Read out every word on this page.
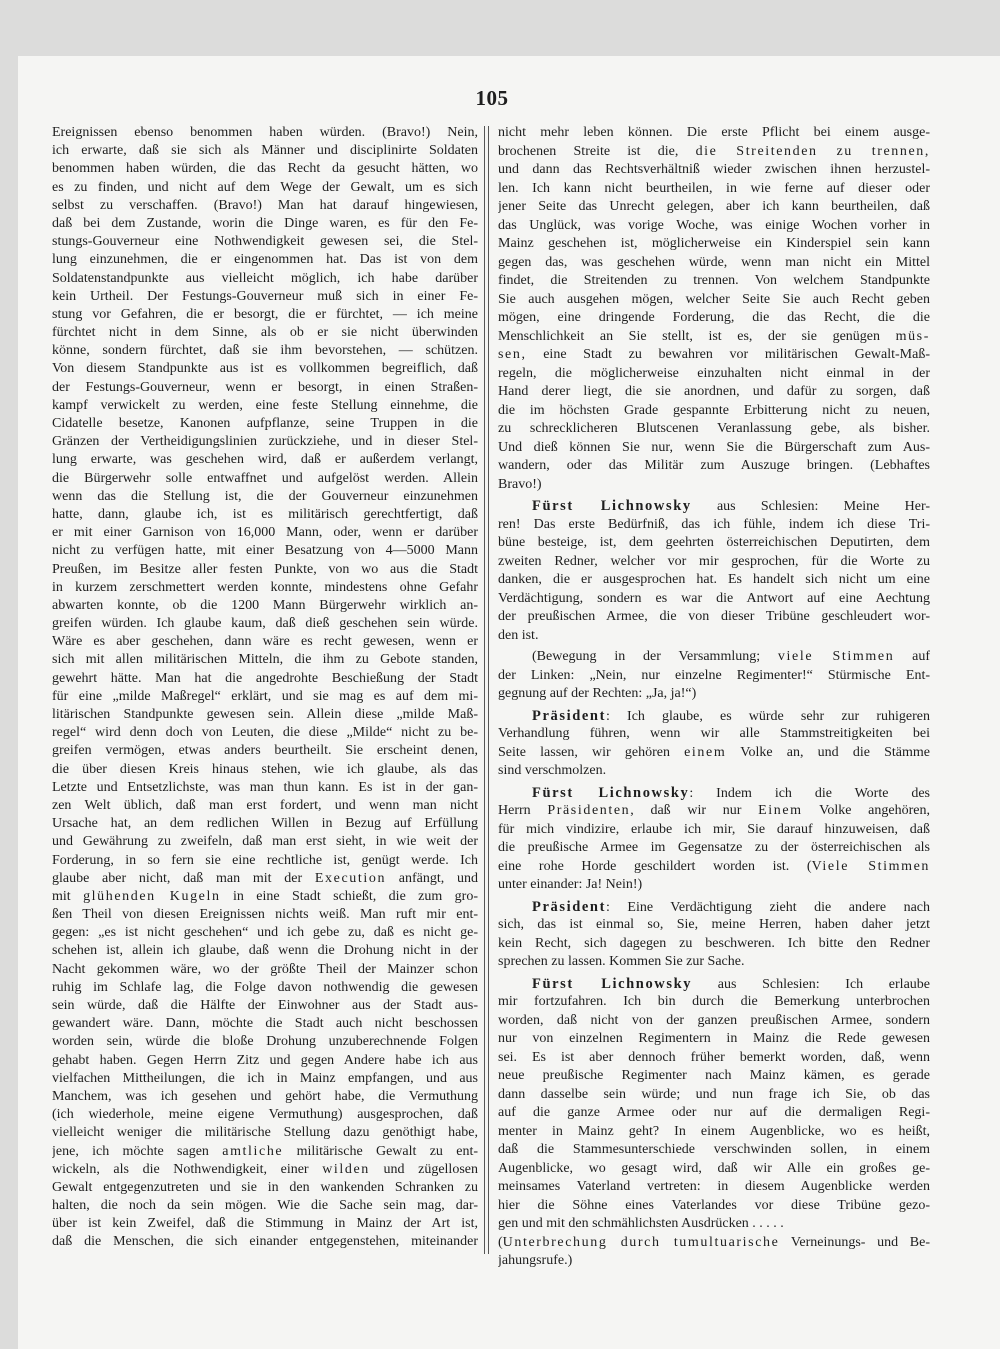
105
Ereignissen ebenso benommen haben würden. (Bravo!) Nein,
ich erwarte, daß sie sich als Männer und disciplinirte Soldaten
benommen haben würden, die das Recht da gesucht hätten, wo
es zu finden, und nicht auf dem Wege der Gewalt, um es sich
selbst zu verschaffen. (Bravo!) Man hat darauf hingewiesen,
daß bei dem Zustande, worin die Dinge waren, es für den Fe-
stungs-Gouverneur eine Nothwendigkeit gewesen sei, die Stel-
lung einzunehmen, die er eingenommen hat. Das ist von dem
Soldatenstandpunkte aus vielleicht möglich, ich habe darüber
kein Urtheil. Der Festungs-Gouverneur muß sich in einer Fe-
stung vor Gefahren, die er besorgt, die er fürchtet, — ich meine
fürchtet nicht in dem Sinne, als ob er sie nicht überwinden
könne, sondern fürchtet, daß sie ihm bevorstehen, — schützen.
Von diesem Standpunkte aus ist es vollkommen begreiflich, daß
der Festungs-Gouverneur, wenn er besorgt, in einen Straßen-
kampf verwickelt zu werden, eine feste Stellung einnehme, die
Cidatelle besetze, Kanonen aufpflanze, seine Truppen in die
Gränzen der Vertheidigungslinien zurückziehe, und in dieser Stel-
lung erwarte, was geschehen wird, daß er außerdem verlangt,
die Bürgerwehr solle entwaffnet und aufgelöst werden. Allein
wenn das die Stellung ist, die der Gouverneur einzunehmen
hatte, dann, glaube ich, ist es militärisch gerechtfertigt, daß
er mit einer Garnison von 16,000 Mann, oder, wenn er darüber
nicht zu verfügen hatte, mit einer Besatzung von 4—5000 Mann
Preußen, im Besitze aller festen Punkte, von wo aus die Stadt
in kurzem zerschmettert werden konnte, mindestens ohne Gefahr
abwarten konnte, ob die 1200 Mann Bürgerwehr wirklich an-
greifen würden. Ich glaube kaum, daß dieß geschehen sein würde.
Wäre es aber geschehen, dann wäre es recht gewesen, wenn er
sich mit allen militärischen Mitteln, die ihm zu Gebote standen,
gewehrt hätte. Man hat die angedrohte Beschießung der Stadt
für eine „milde Maßregel“ erklärt, und sie mag es auf dem mi-
litärischen Standpunkte gewesen sein. Allein diese „milde Maß-
regel“ wird denn doch von Leuten, die diese „Milde“ nicht zu be-
greifen vermögen, etwas anders beurtheilt. Sie erscheint denen,
die über diesen Kreis hinaus stehen, wie ich glaube, als das
Letzte und Entsetzlichste, was man thun kann. Es ist in der gan-
zen Welt üblich, daß man erst fordert, und wenn man nicht
Ursache hat, an dem redlichen Willen in Bezug auf Erfüllung
und Gewährung zu zweifeln, daß man erst sieht, in wie weit der
Forderung, in so fern sie eine rechtliche ist, genügt werde. Ich
glaube aber nicht, daß man mit der Execution anfängt, und
mit glühenden Kugeln in eine Stadt schießt, die zum gro-
ßen Theil von diesen Ereignissen nichts weiß. Man ruft mir ent-
gegen: „es ist nicht geschehen“ und ich gebe zu, daß es nicht ge-
schehen ist, allein ich glaube, daß wenn die Drohung nicht in der
Nacht gekommen wäre, wo der größte Theil der Mainzer schon
ruhig im Schlafe lag, die Folge davon nothwendig die gewesen
sein würde, daß die Hälfte der Einwohner aus der Stadt aus-
gewandert wäre. Dann, möchte die Stadt auch nicht beschossen
worden sein, würde die bloße Drohung unzuberechnende Folgen
gehabt haben. Gegen Herrn Zitz und gegen Andere habe ich aus
vielfachen Mittheilungen, die ich in Mainz empfangen, und aus
Manchem, was ich gesehen und gehört habe, die Vermuthung
(ich wiederhole, meine eigene Vermuthung) ausgesprochen, daß
vielleicht weniger die militärische Stellung dazu genöthigt habe,
jene, ich möchte sagen amtliche militärische Gewalt zu ent-
wickeln, als die Nothwendigkeit, einer wilden und zügellosen
Gewalt entgegenzutreten und sie in den wankenden Schranken zu
halten, die noch da sein mögen. Wie die Sache sein mag, dar-
über ist kein Zweifel, daß die Stimmung in Mainz der Art ist,
daß die Menschen, die sich einander entgegenstehen, miteinander
nicht mehr leben können. Die erste Pflicht bei einem ausge-
brochenen Streite ist die, die Streitenden zu trennen,
und dann das Rechtsverhältniß wieder zwischen ihnen herzustel-
len. Ich kann nicht beurtheilen, in wie ferne auf dieser oder
jener Seite das Unrecht gelegen, aber ich kann beurtheilen, daß
das Unglück, was vorige Woche, was einige Wochen vorher in
Mainz geschehen ist, möglicherweise ein Kinderspiel sein kann
gegen das, was geschehen würde, wenn man nicht ein Mittel
findet, die Streitenden zu trennen. Von welchem Standpunkte
Sie auch ausgehen mögen, welcher Seite Sie auch Recht geben
mögen, eine dringende Forderung, die das Recht, die die
Menschlichkeit an Sie stellt, ist es, der sie genügen müs-
sen, eine Stadt zu bewahren vor militärischen Gewalt-Maß-
regeln, die möglicherweise einzuhalten nicht einmal in der
Hand derer liegt, die sie anordnen, und dafür zu sorgen, daß
die im höchsten Grade gespannte Erbitterung nicht zu neuen,
zu schrecklicheren Blutscenen Veranlassung gebe, als bisher.
Und dieß können Sie nur, wenn Sie die Bürgerschaft zum Aus-
wandern, oder das Militär zum Auszuge bringen. (Lebhaftes
Bravo!)
Fürst Lichnowsky aus Schlesien: Meine Her-
ren! Das erste Bedürfniß, das ich fühle, indem ich diese Tri-
büne besteige, ist, dem geehrten österreichischen Deputirten, dem
zweiten Redner, welcher vor mir gesprochen, für die Worte zu
danken, die er ausgesprochen hat. Es handelt sich nicht um eine
Verdächtigung, sondern es war die Antwort auf eine Aechtung
der preußischen Armee, die von dieser Tribüne geschleudert wor-
den ist.
(Bewegung in der Versammlung; viele Stimmen auf
der Linken: „Nein, nur einzelne Regimenter!“ Stürmische Ent-
gegnung auf der Rechten: „Ja, ja!“)
Präsident: Ich glaube, es würde sehr zur ruhigeren
Verhandlung führen, wenn wir alle Stammstreitigkeiten bei
Seite lassen, wir gehören einem Volke an, und die Stämme
sind verschmolzen.
Fürst Lichnowsky: Indem ich die Worte des
Herrn Präsidenten, daß wir nur Einem Volke angehören,
für mich vindizire, erlaube ich mir, Sie darauf hinzuweisen, daß
die preußische Armee im Gegensatze zu der österreichischen als
eine rohe Horde geschildert worden ist. (Viele Stimmen
unter einander: Ja! Nein!)
Präsident: Eine Verdächtigung zieht die andere nach
sich, das ist einmal so, Sie, meine Herren, haben daher jetzt
kein Recht, sich dagegen zu beschweren. Ich bitte den Redner
sprechen zu lassen. Kommen Sie zur Sache.
Fürst Lichnowsky aus Schlesien: Ich erlaube
mir fortzufahren. Ich bin durch die Bemerkung unterbrochen
worden, daß nicht von der ganzen preußischen Armee, sondern
nur von einzelnen Regimentern in Mainz die Rede gewesen
sei. Es ist aber dennoch früher bemerkt worden, daß, wenn
neue preußische Regimenter nach Mainz kämen, es gerade
dann dasselbe sein würde; und nun frage ich Sie, ob das
auf die ganze Armee oder nur auf die dermaligen Regi-
menter in Mainz geht? In einem Augenblicke, wo es heißt,
daß die Stammesunterschiede verschwinden sollen, in einem
Augenblicke, wo gesagt wird, daß wir Alle ein großes ge-
meinsames Vaterland vertreten: in diesem Augenblicke werden
hier die Söhne eines Vaterlandes vor diese Tribüne gezo-
gen und mit den schmählichsten Ausdrücken . . . . .
(Unterbrechung durch tumultuarische Verneinungs- und Be-
jahungsrufe.)
